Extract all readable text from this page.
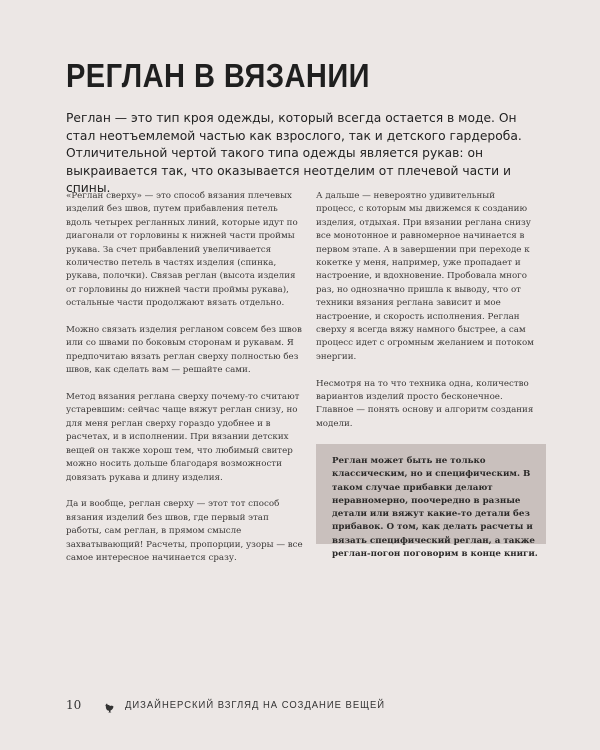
РЕГЛАН В ВЯЗАНИИ

Реглан — это тип кроя одежды, который всегда остается в моде. Он стал неотъемлемой частью как взрослого, так и детского гардероба. Отличительной чертой такого типа одежды является рукав: он выкраивается так, что оказывается неотделим от плечевой части и спины.

«Реглан сверху» — это способ вязания плечевых изделий без швов, путем прибавления петель вдоль четырех регланных линий, которые идут по диагонали от горловины к нижней части проймы рукава. За счет прибавлений увеличивается количество петель в частях изделия (спинка, рукава, полочки). Связав реглан (высота изделия от горловины до нижней части проймы рукава), остальные части продолжают вязать отдельно.

Можно связать изделия регланом совсем без швов или со швами по боковым сторонам и рукавам. Я предпочитаю вязать реглан сверху полностью без швов, как сделать вам — решайте сами.

Метод вязания реглана сверху почему-то считают устаревшим: сейчас чаще вяжут реглан снизу, но для меня реглан сверху гораздо удобнее и в расчетах, и в исполнении. При вязании детских вещей он также хорош тем, что любимый свитер можно носить дольше благодаря возможности довязать рукава и длину изделия.

Да и вообще, реглан сверху — этот тот способ вязания изделий без швов, где первый этап работы, сам реглан, в прямом смысле захватывающий! Расчеты, пропорции, узоры — все самое интересное начинается сразу.

А дальше — невероятно удивительный процесс, с которым мы движемся к созданию изделия, отдыхая. При вязании реглана снизу все монотонное и равномерное начинается в первом этапе. А в завершении при переходе к кокетке у меня, например, уже пропадает и настроение, и вдохновение. Пробовала много раз, но однозначно пришла к выводу, что от техники вязания реглана зависит и мое настроение, и скорость исполнения. Реглан сверху я всегда вяжу намного быстрее, а сам процесс идет с огромным желанием и потоком энергии.

Несмотря на то что техника одна, количество вариантов изделий просто бесконечное. Главное — понять основу и алгоритм создания модели.

Реглан может быть не только классическим, но и специфическим. В таком случае прибавки делают неравномерно, поочередно в разные детали или вяжут какие-то детали без прибавок. О том, как делать расчеты и вязать специфический реглан, а также реглан-погон поговорим в конце книги.
10	ДИЗАЙНЕРСКИЙ ВЗГЛЯД НА СОЗДАНИЕ ВЕЩЕЙ
